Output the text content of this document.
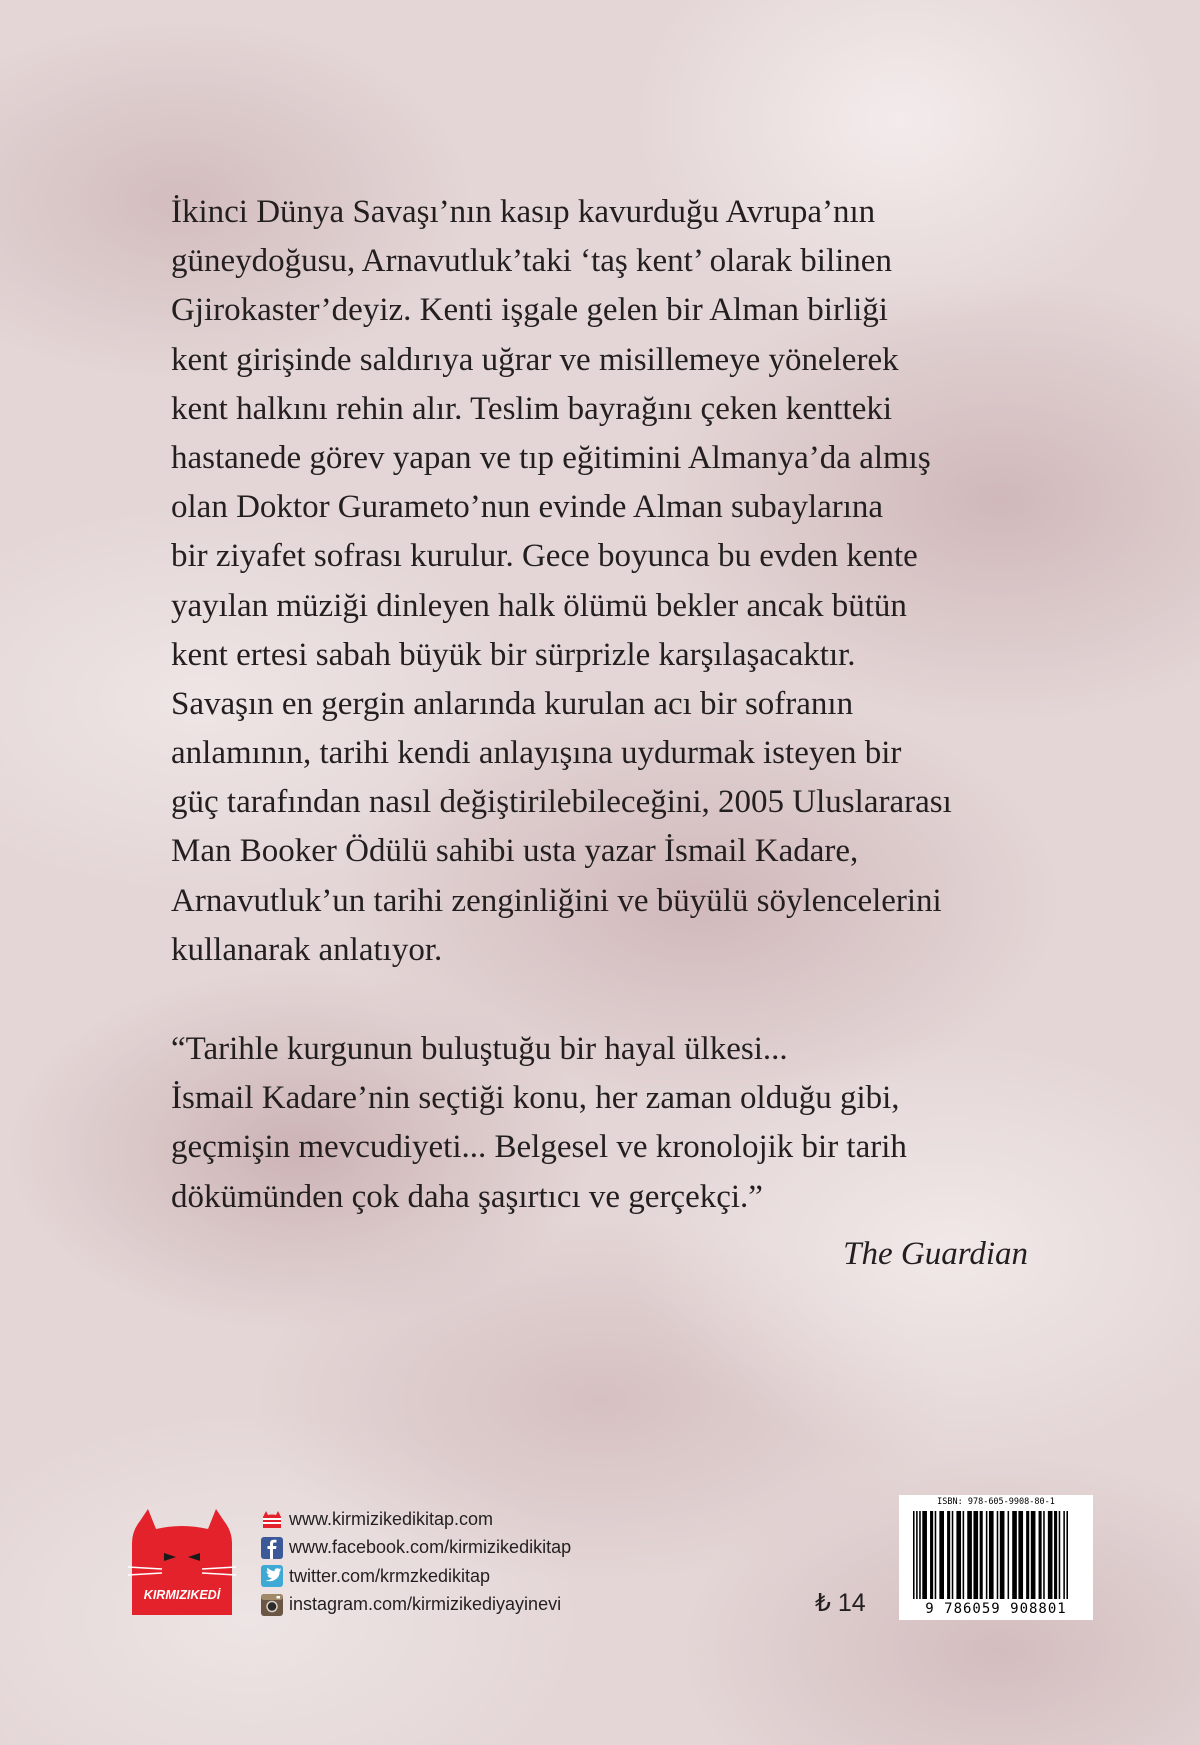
İkinci Dünya Savaşı’nın kasıp kavurduğu Avrupa’nın
güneydoğusu, Arnavutluk’taki ‘taş kent’ olarak bilinen
Gjirokaster’deyiz. Kenti işgale gelen bir Alman birliği
kent girişinde saldırıya uğrar ve misillemeye yönelerek
kent halkını rehin alır. Teslim bayrağını çeken kentteki
hastanede görev yapan ve tıp eğitimini Almanya’da almış
olan Doktor Gurameto’nun evinde Alman subaylarına
bir ziyafet sofrası kurulur. Gece boyunca bu evden kente
yayılan müziği dinleyen halk ölümü bekler ancak bütün
kent ertesi sabah büyük bir sürprizle karşılaşacaktır.
Savaşın en gergin anlarında kurulan acı bir sofranın
anlamının, tarihi kendi anlayışına uydurmak isteyen bir
güç tarafından nasıl değiştirilebileceğini, 2005 Uluslararası
Man Booker Ödülü sahibi usta yazar İsmail Kadare,
Arnavutluk’un tarihi zenginliğini ve büyülü söylencelerini
kullanarak anlatıyor.
“Tarihle kurgunun buluştuğu bir hayal ülkesi...
İsmail Kadare’nin seçtiği konu, her zaman olduğu gibi,
geçmişin mevcudiyeti... Belgesel ve kronolojik bir tarih
dökümünden çok daha şaşırtıcı ve gerçekçi.”
The Guardian
KIRMIZIKEDİ
www.kirmizikedikitap.com
www.facebook.com/kirmizikedikitap
twitter.com/krmzkedikitap
instagram.com/kirmizikediyayinevi	₺ 14
ISBN: 978-605-9908-80-1
9 786059 908801
